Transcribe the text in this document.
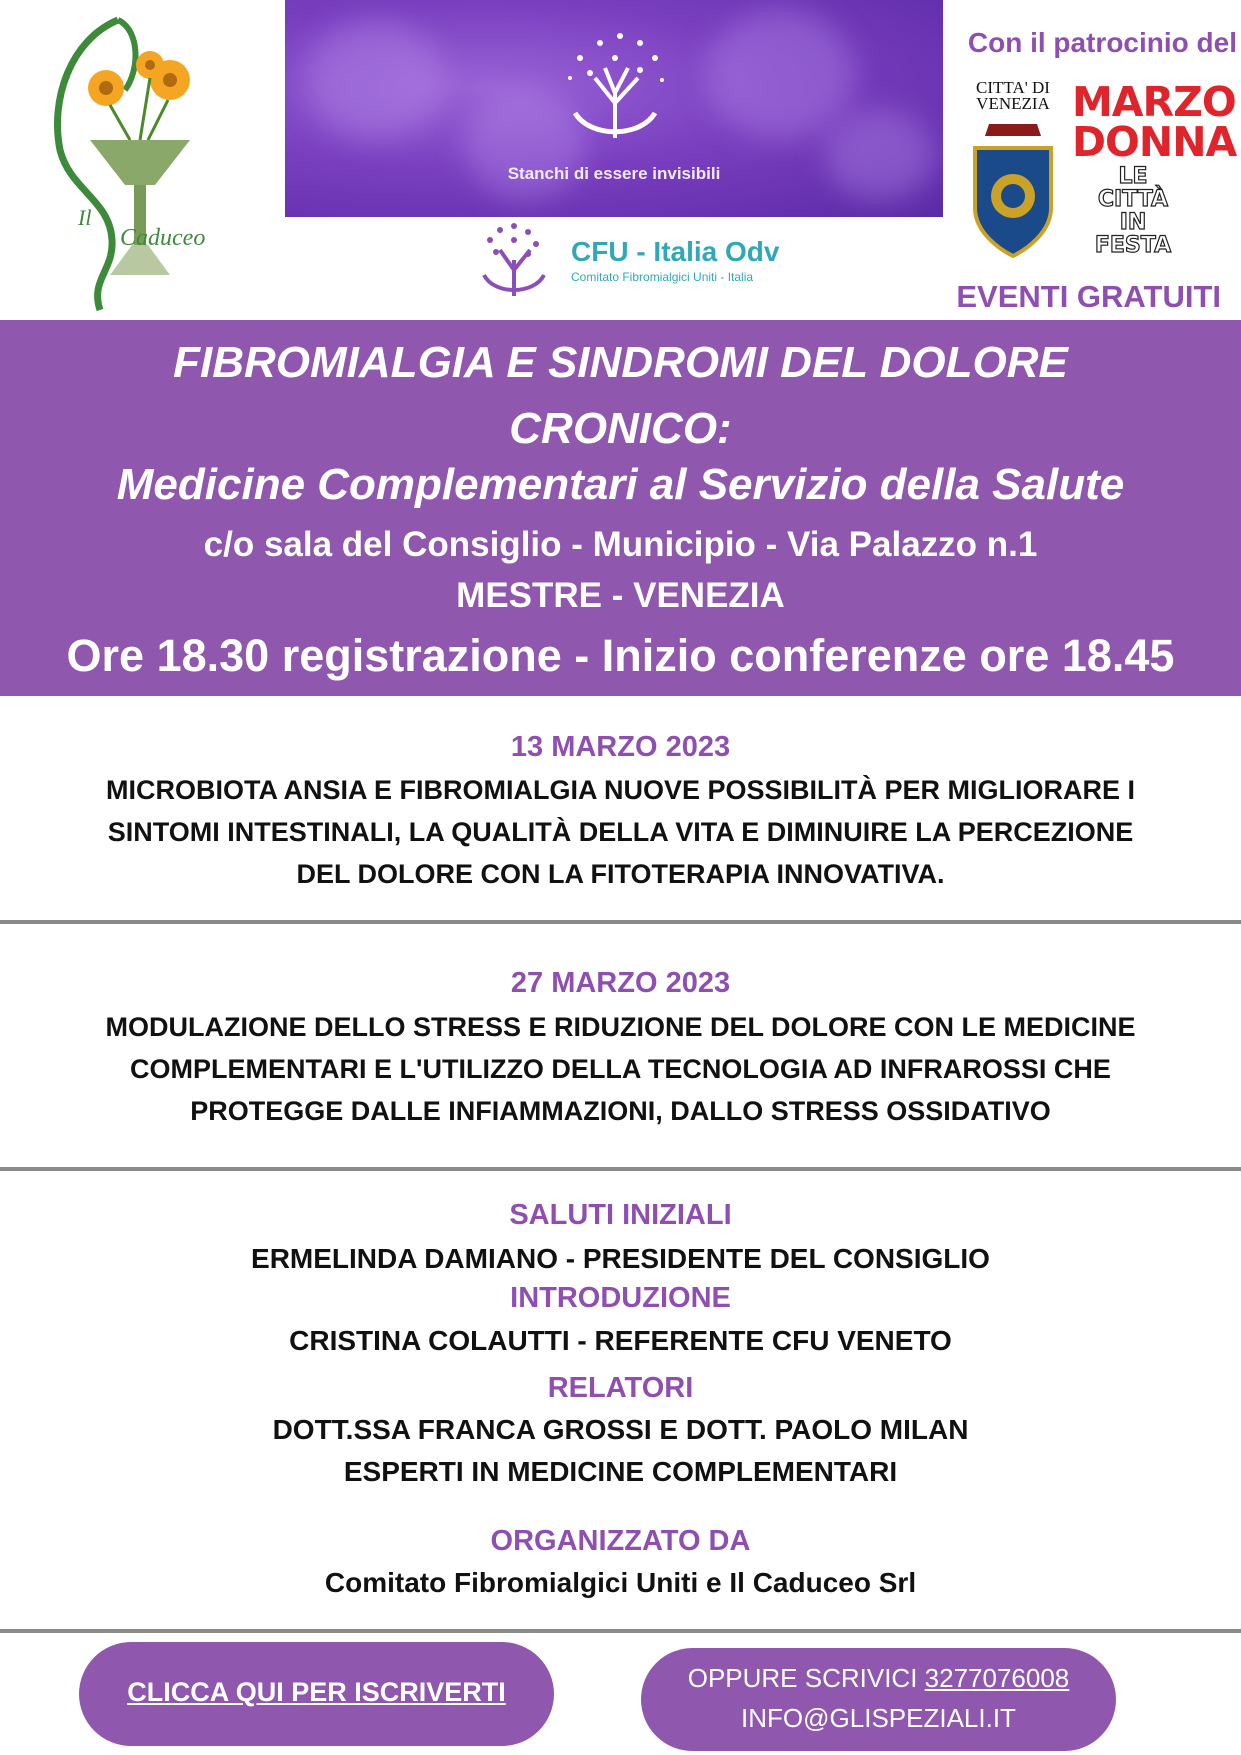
Il
Caduceo
Stanchi di essere invisibili
CFU - Italia Odv
Comitato Fibromialgici Uniti - Italia
Con il patrocinio del
CITTA' DI VENEZIA MARZO DONNA
LE CITTÀ IN FESTA
EVENTI GRATUITI
FIBROMIALGIA E SINDROMI DEL DOLORE CRONICO:
Medicine Complementari al Servizio della Salute
c/o sala del Consiglio - Municipio - Via Palazzo n.1
MESTRE - VENEZIA
Ore 18.30 registrazione - Inizio conferenze ore 18.45
13 MARZO 2023
MICROBIOTA ANSIA E FIBROMIALGIA NUOVE POSSIBILITÀ PER MIGLIORARE I
SINTOMI INTESTINALI, LA QUALITÀ DELLA VITA E DIMINUIRE LA PERCEZIONE
DEL DOLORE CON LA FITOTERAPIA INNOVATIVA.
27 MARZO 2023
MODULAZIONE DELLO STRESS E RIDUZIONE DEL DOLORE CON LE MEDICINE
COMPLEMENTARI E L'UTILIZZO DELLA TECNOLOGIA AD INFRAROSSI CHE
PROTEGGE DALLE INFIAMMAZIONI, DALLO STRESS OSSIDATIVO
SALUTI INIZIALI
ERMELINDA DAMIANO - PRESIDENTE DEL CONSIGLIO
INTRODUZIONE
CRISTINA COLAUTTI - REFERENTE CFU VENETO
RELATORI
DOTT.SSA FRANCA GROSSI E DOTT. PAOLO MILAN
ESPERTI IN MEDICINE COMPLEMENTARI
ORGANIZZATO DA
Comitato Fibromialgici Uniti e Il Caduceo Srl
CLICCA QUI PER ISCRIVERTI	OPPURE SCRIVICI 3277076008
INFO@GLISPEZIALI.IT
